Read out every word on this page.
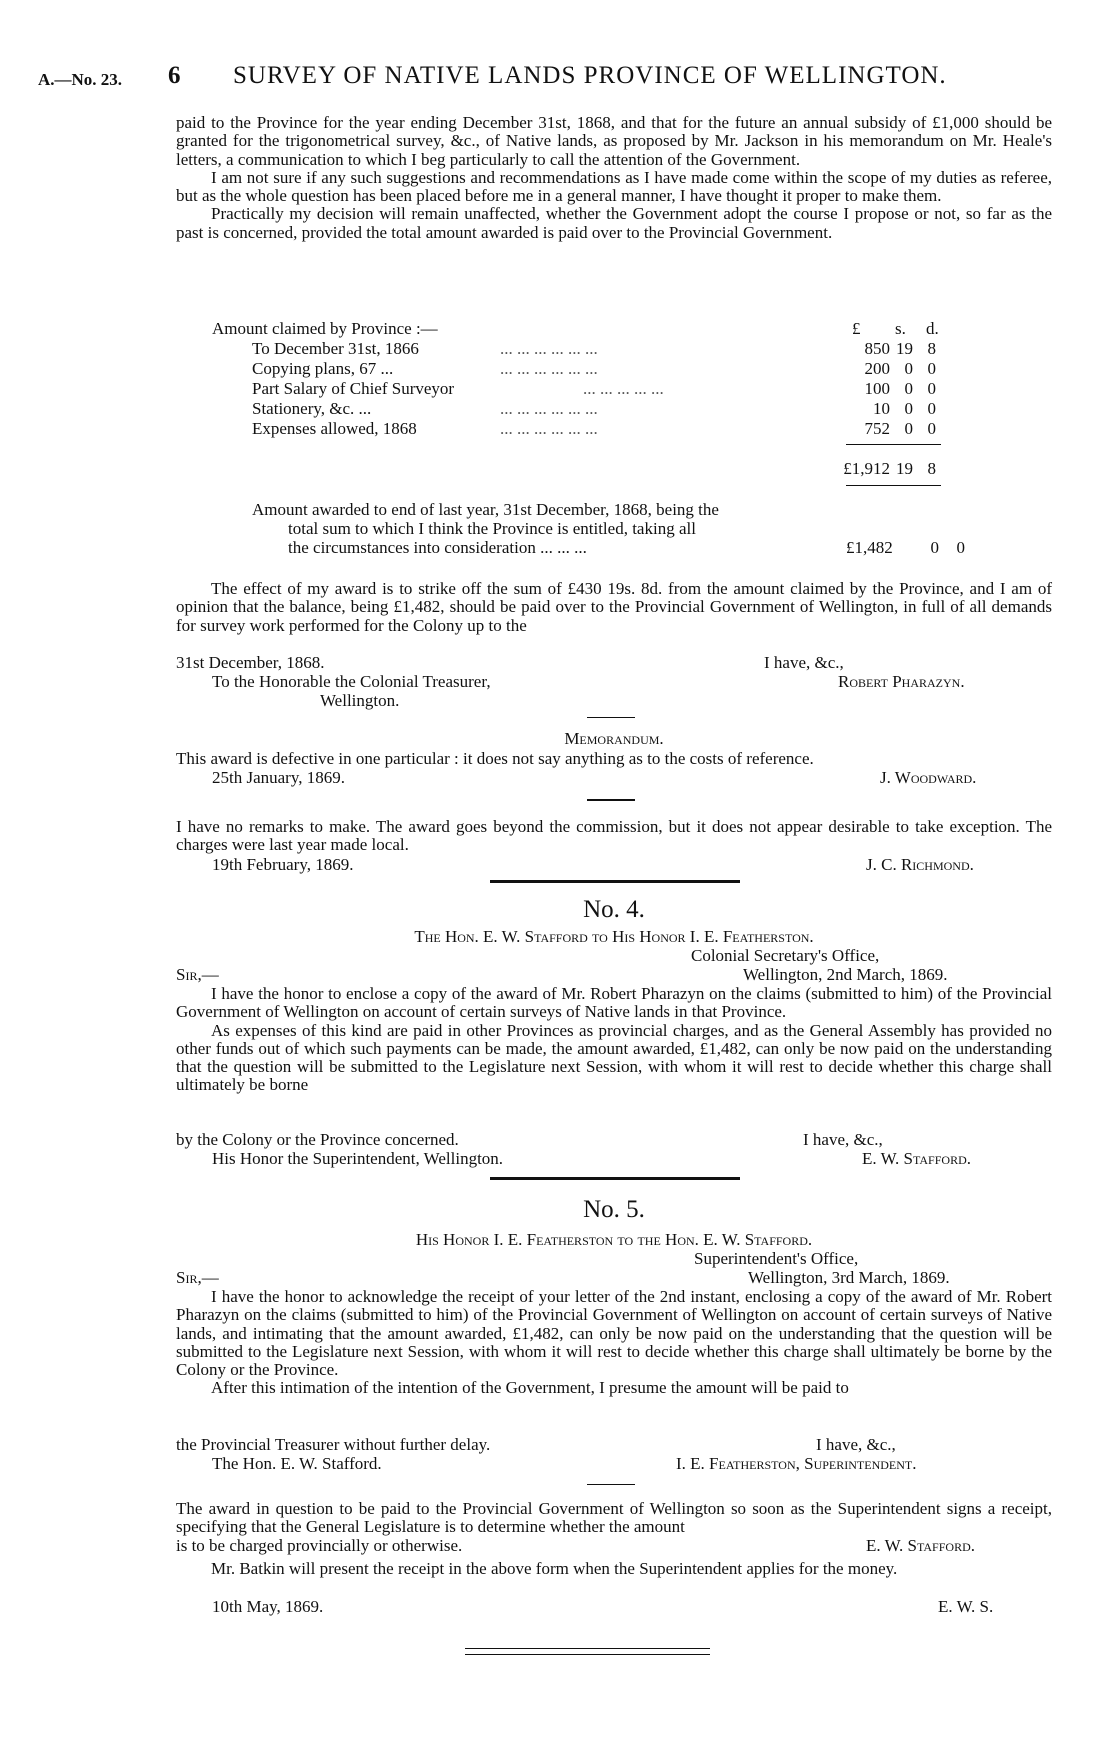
A.—No. 23. 6 SURVEY OF NATIVE LANDS PROVINCE OF WELLINGTON.

paid to the Province for the year ending December 31st, 1868, and that for the future an annual subsidy of £1,000 should be granted for the trigonometrical survey, &c., of Native lands, as proposed by Mr. Jackson in his memorandum on Mr. Heale's letters, a communication to which I beg particularly to call the attention of the Government.

I am not sure if any such suggestions and recommendations as I have made come within the scope of my duties as referee, but as the whole question has been placed before me in a general manner, I have thought it proper to make them.

Practically my decision will remain unaffected, whether the Government adopt the course I propose or not, so far as the past is concerned, provided the total amount awarded is paid over to the Provincial Government.

Amount claimed by Province :—	£ s. d.
To December 31st, 1866	... ... ... ... ... ...	850 19 8
Copying plans, 67 ...	... ... ... ... ... ...	200 0 0
Part Salary of Chief Surveyor	... ... ... ... ...	100 0 0
Stationery, &c. ...	... ... ... ... ... ...	10 0 0
Expenses allowed, 1868	... ... ... ... ... ...	752 0 0
£1,912 19 8
Amount awarded to end of last year, 31st December, 1868, being the
total sum to which I think the Province is entitled, taking all
the circumstances into consideration ... ... ...	£1,482	0	0

The effect of my award is to strike off the sum of £430 19s. 8d. from the amount claimed by the Province, and I am of opinion that the balance, being £1,482, should be paid over to the Provincial Government of Wellington, in full of all demands for survey work performed for the Colony up to the

31st December, 1868.	I have, &c.,
To the Honorable the Colonial Treasurer,	Robert Pharazyn.
Wellington.
Memorandum.
This award is defective in one particular : it does not say anything as to the costs of reference.
25th January, 1869.	J. Woodward.

I have no remarks to make. The award goes beyond the commission, but it does not appear desirable to take exception. The charges were last year made local.

19th February, 1869.	J. C. Richmond.
No. 4.
The Hon. E. W. Stafford to His Honor I. E. Featherston.
Colonial Secretary's Office,
Sir,—	Wellington, 2nd March, 1869.

I have the honor to enclose a copy of the award of Mr. Robert Pharazyn on the claims (submitted to him) of the Provincial Government of Wellington on account of certain surveys of Native lands in that Province.

As expenses of this kind are paid in other Provinces as provincial charges, and as the General Assembly has provided no other funds out of which such payments can be made, the amount awarded, £1,482, can only be now paid on the understanding that the question will be submitted to the Legislature next Session, with whom it will rest to decide whether this charge shall ultimately be borne

by the Colony or the Province concerned.	I have, &c.,
His Honor the Superintendent, Wellington.	E. W. Stafford.
No. 5.
His Honor I. E. Featherston to the Hon. E. W. Stafford.
Superintendent's Office,
Sir,—	Wellington, 3rd March, 1869.

I have the honor to acknowledge the receipt of your letter of the 2nd instant, enclosing a copy of the award of Mr. Robert Pharazyn on the claims (submitted to him) of the Provincial Government of Wellington on account of certain surveys of Native lands, and intimating that the amount awarded, £1,482, can only be now paid on the understanding that the question will be submitted to the Legislature next Session, with whom it will rest to decide whether this charge shall ultimately be borne by the Colony or the Province.

After this intimation of the intention of the Government, I presume the amount will be paid to

the Provincial Treasurer without further delay.	I have, &c.,
The Hon. E. W. Stafford.	I. E. Featherston, Superintendent.

The award in question to be paid to the Provincial Government of Wellington so soon as the Superintendent signs a receipt, specifying that the General Legislature is to determine whether the amount

is to be charged provincially or otherwise.	E. W. Stafford.

Mr. Batkin will present the receipt in the above form when the Superintendent applies for the money.

10th May, 1869.	E. W. S.
